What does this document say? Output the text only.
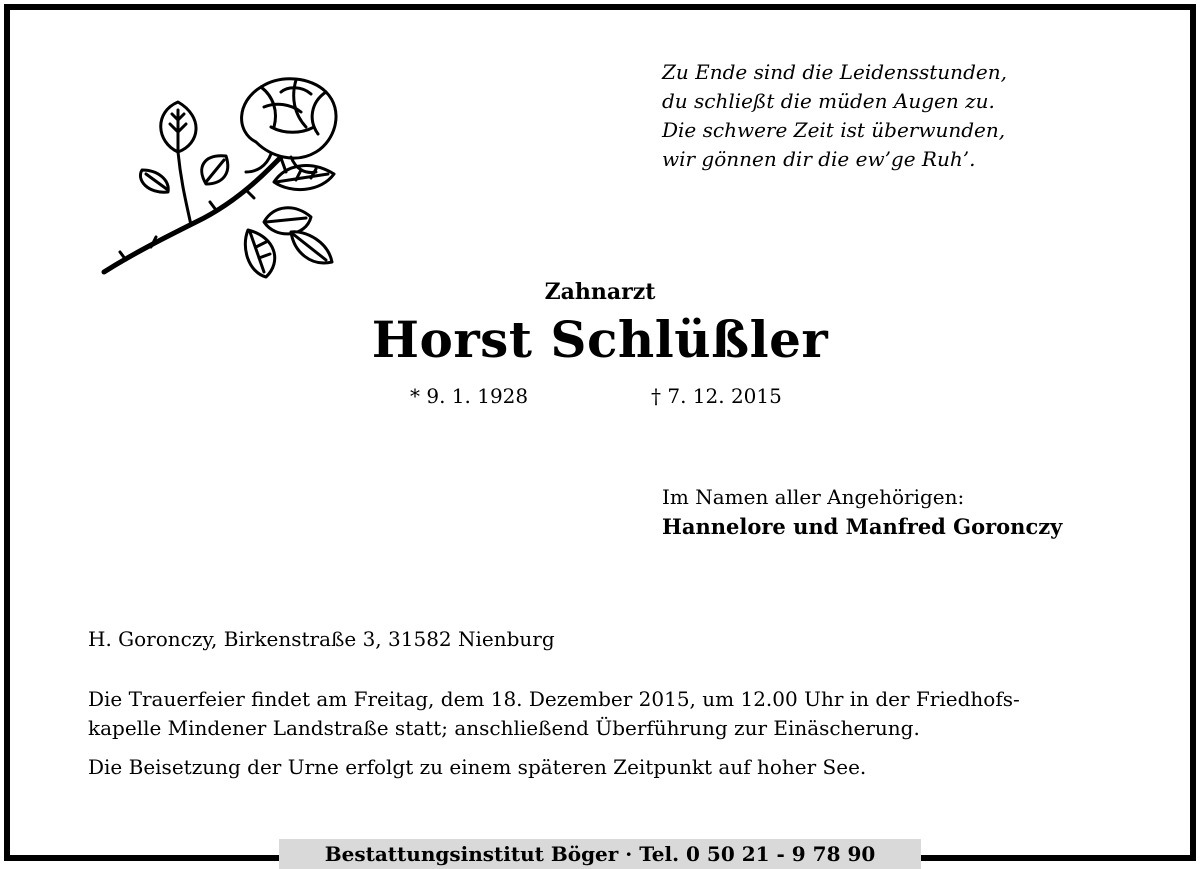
Zu Ende sind die Leidensstunden,
du schließt die müden Augen zu.
Die schwere Zeit ist überwunden,
wir gönnen dir die ew’ge Ruh’.
Zahnarzt
Horst Schlüßler
* 9. 1. 1928	† 7. 12. 2015
Im Namen aller Angehörigen:
Hannelore und Manfred Goronczy
H. Goronczy, Birkenstraße 3, 31582 Nienburg
Die Trauerfeier findet am Freitag, dem 18. Dezember 2015, um 12.00 Uhr in der Friedhofs-
kapelle Mindener Landstraße statt; anschließend Überführung zur Einäscherung.
Die Beisetzung der Urne erfolgt zu einem späteren Zeitpunkt auf hoher See.
Bestattungsinstitut Böger · Tel. 0 50 21 - 9 78 90
